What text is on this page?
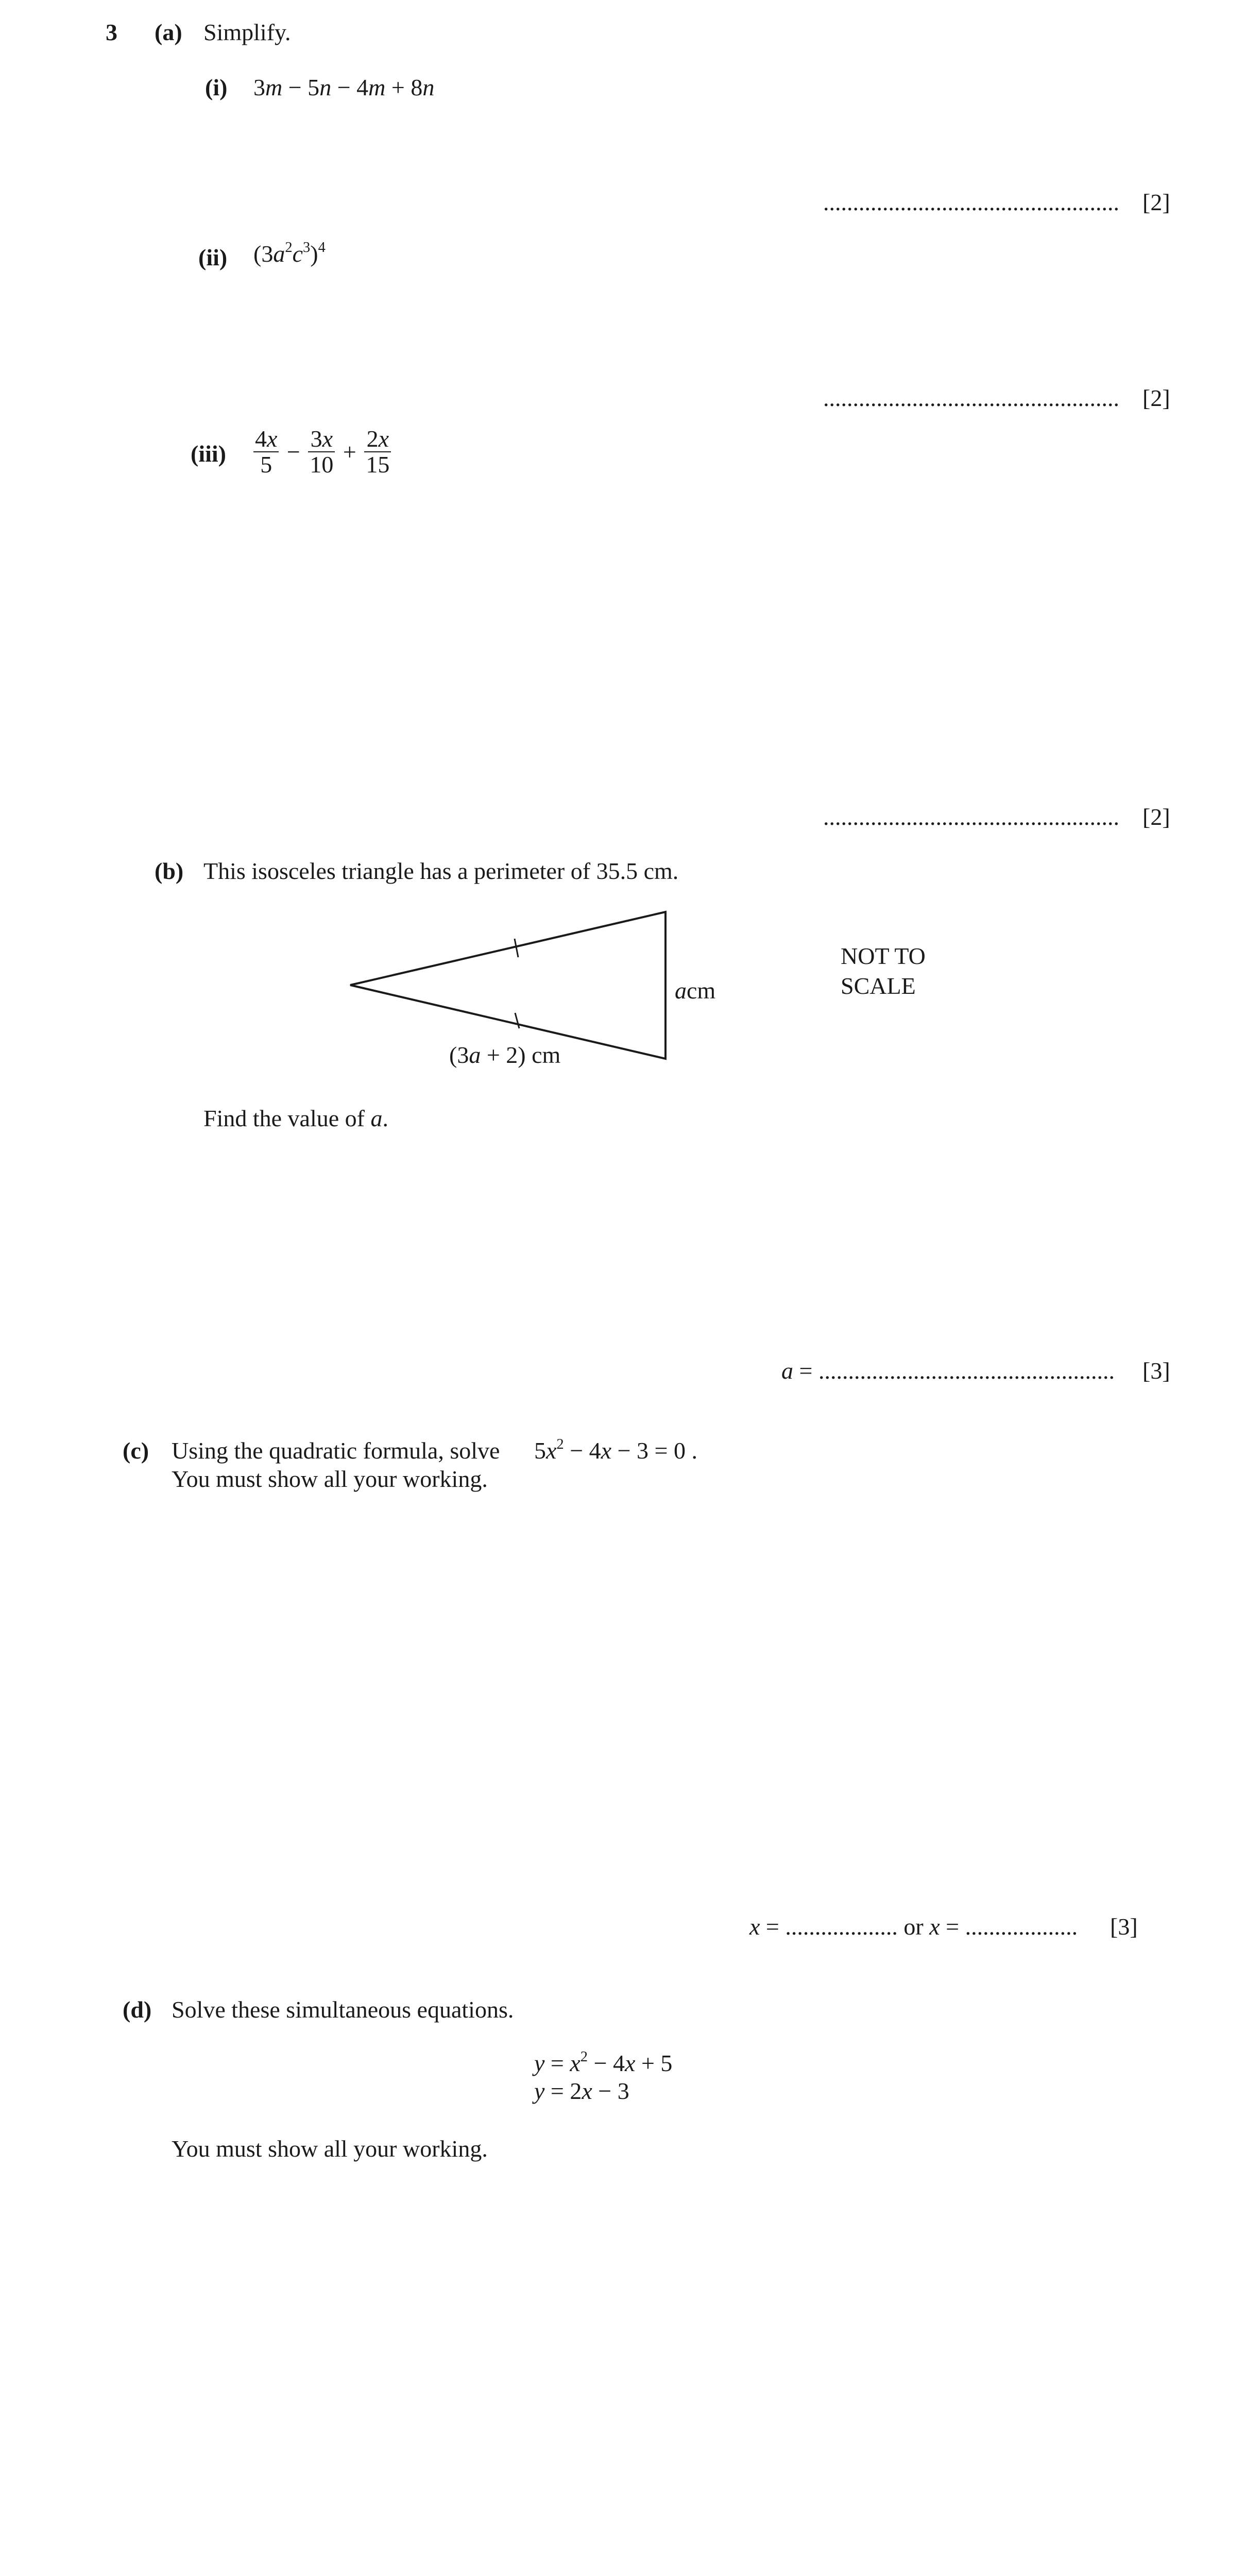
3 (a) Simplify.
(i) 3m − 5n − 4m + 8n
.................................................. [2]
(ii) $(3a^2c^3)^4$
.................................................. [2]
$(iii) \frac{4x}{5} - \frac{3x}{10} + \frac{2x}{15}$
.................................................. [2]
(b) This isosceles triangle has a perimeter of 35.5 cm.
acm
(3a + 2) cm
NOT TO
SCALE
Find the value of a.
a = .................................................. [3]
(c) Using the quadratic formula, solve $5x^2 - 4x - 3 = 0$ .
You must show all your working.
x = ................... or x = ................... [3]
(d) Solve these simultaneous equations.
$y = x^2 - 4x + 5$
y = 2x − 3
You must show all your working.
